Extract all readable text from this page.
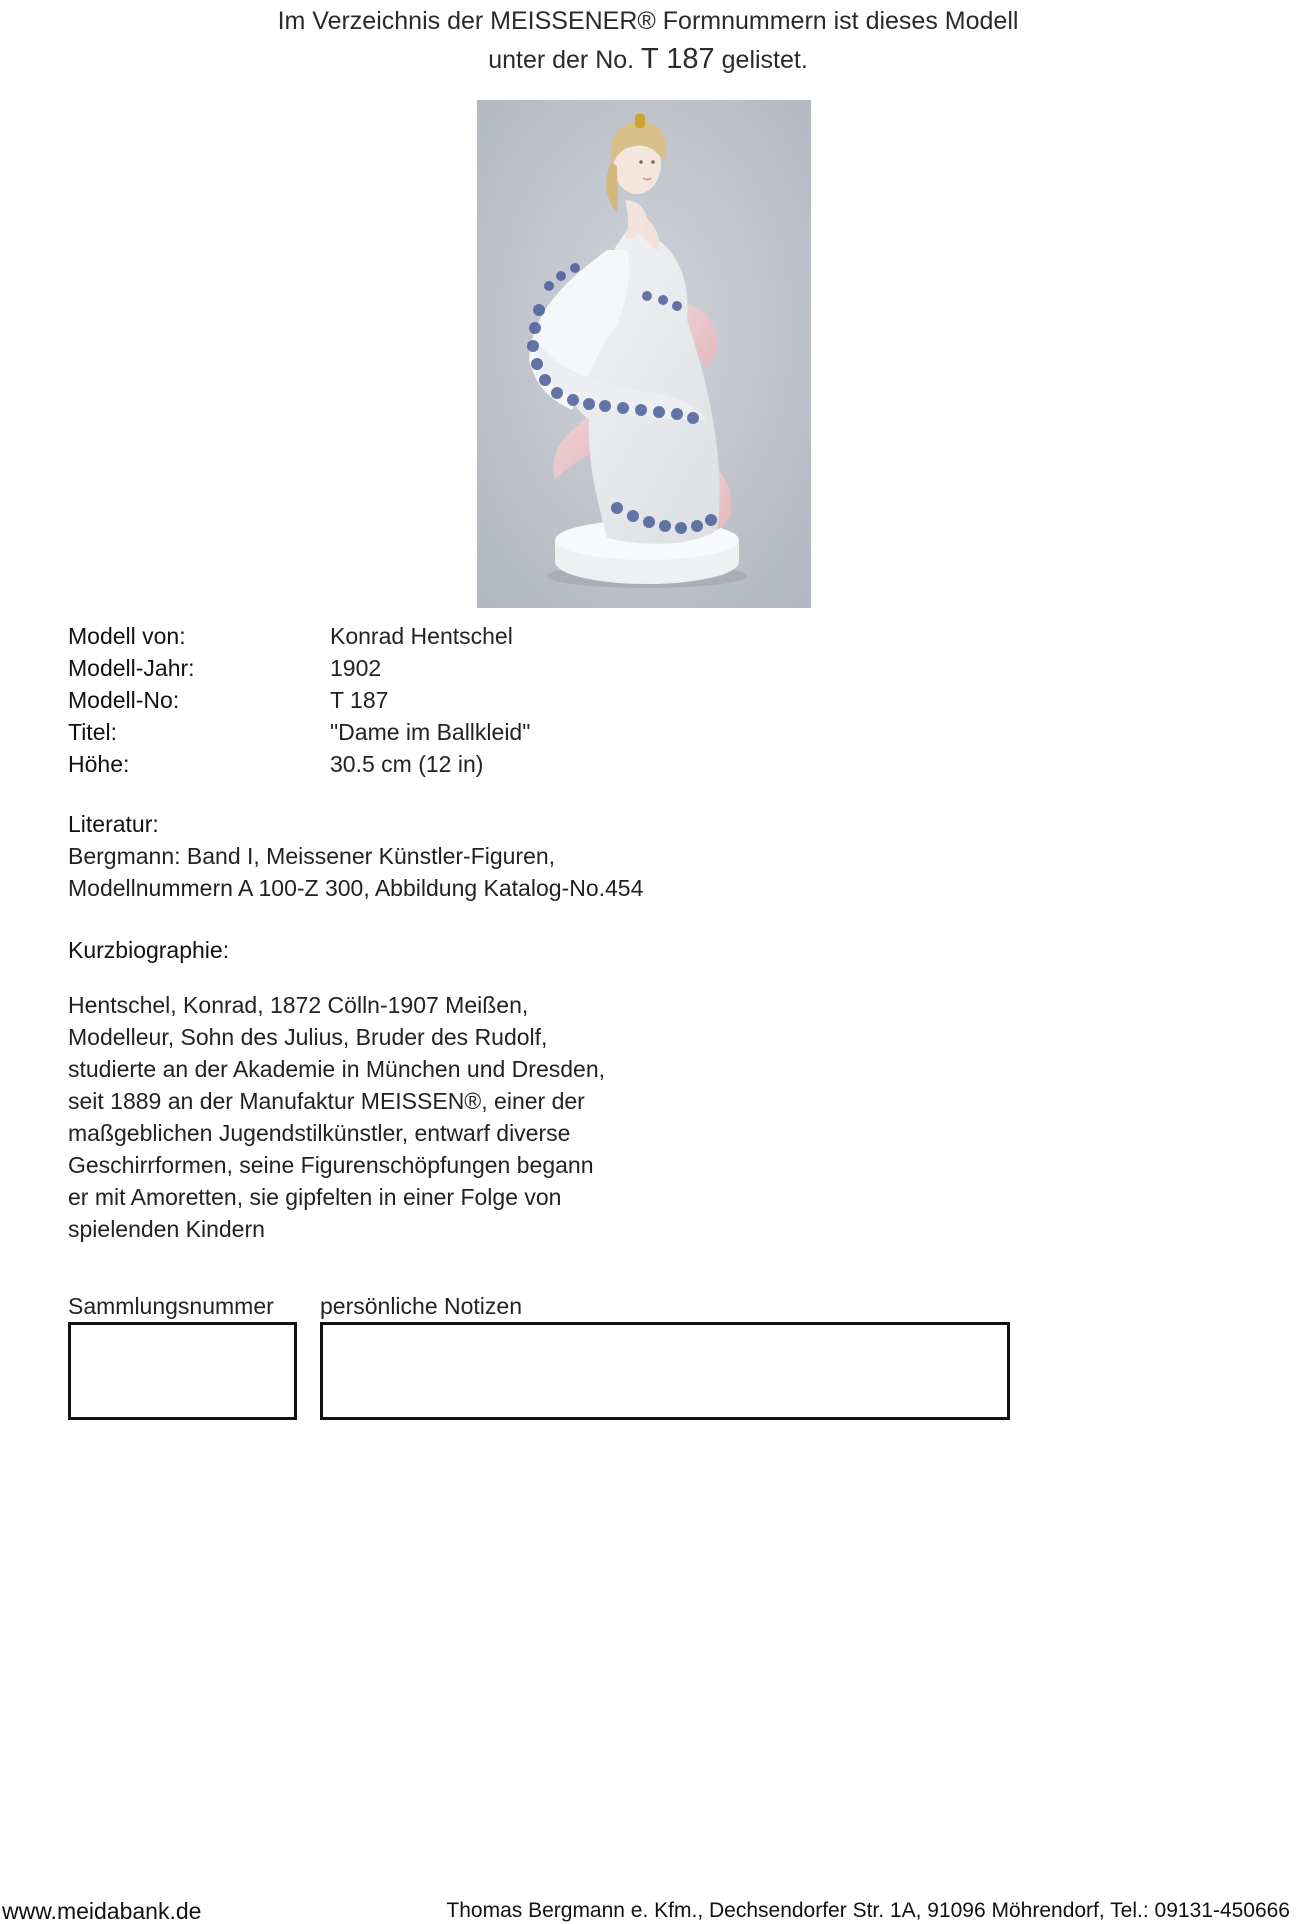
Im Verzeichnis der MEISSENER® Formnummern ist dieses Modell
unter der No. T 187 gelistet.
Modell von:	Konrad Hentschel
Modell-Jahr:	1902
Modell-No:	T 187
Titel:	"Dame im Ballkleid"
Höhe:	30.5 cm (12 in)
Literatur:
Bergmann: Band I, Meissener Künstler-Figuren,
Modellnummern A 100-Z 300, Abbildung Katalog-No.454
Kurzbiographie:
Hentschel, Konrad, 1872 Cölln-1907 Meißen,
Modelleur, Sohn des Julius, Bruder des Rudolf,
studierte an der Akademie in München und Dresden,
seit 1889 an der Manufaktur MEISSEN®, einer der
maßgeblichen Jugendstilkünstler, entwarf diverse
Geschirrformen, seine Figurenschöpfungen begann
er mit Amoretten, sie gipfelten in einer Folge von
spielenden Kindern
Sammlungsnummer persönliche Notizen
www.meidabank.de	Thomas Bergmann e. Kfm., Dechsendorfer Str. 1A, 91096 Möhrendorf, Tel.: 09131-450666
